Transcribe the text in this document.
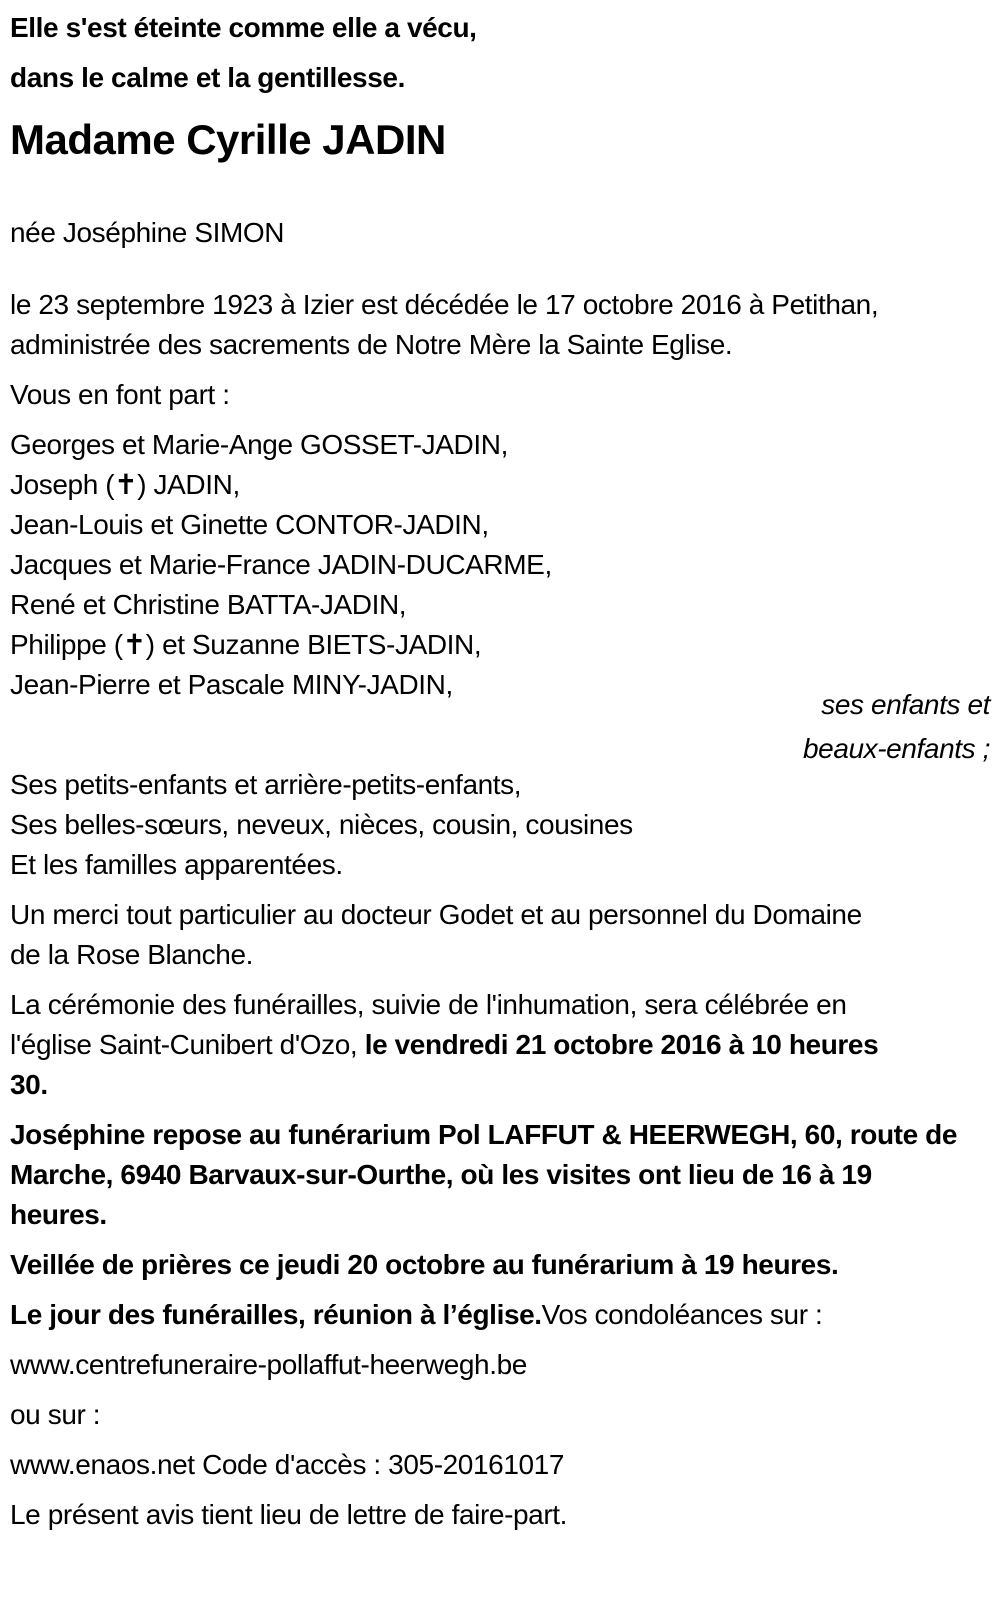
Elle s'est éteinte comme elle a vécu,

dans le calme et la gentillesse.

Madame Cyrille JADIN

née Joséphine SIMON

le 23 septembre 1923 à Izier est décédée le 17 octobre 2016 à Petithan,
administrée des sacrements de Notre Mère la Sainte Eglise.

Vous en font part :

Georges et Marie-Ange GOSSET-JADIN,
Joseph (✝) JADIN,
Jean-Louis et Ginette CONTOR-JADIN,
Jacques et Marie-France JADIN-DUCARME,
René et Christine BATTA-JADIN,
Philippe (✝) et Suzanne BIETS-JADIN,
Jean-Pierre et Pascale MINY-JADIN,

ses enfants et
beaux-enfants ;

Ses petits-enfants et arrière-petits-enfants,
Ses belles-sœurs, neveux, nièces, cousin, cousines
Et les familles apparentées.

Un merci tout particulier au docteur Godet et au personnel du Domaine
de la Rose Blanche.

La cérémonie des funérailles, suivie de l'inhumation, sera célébrée en
l'église Saint-Cunibert d'Ozo, le vendredi 21 octobre 2016 à 10 heures
30.

Joséphine repose au funérarium Pol LAFFUT & HEERWEGH, 60, route de
Marche, 6940 Barvaux-sur-Ourthe, où les visites ont lieu de 16 à 19
heures.

Veillée de prières ce jeudi 20 octobre au funérarium à 19 heures.

Le jour des funérailles, réunion à l’église.Vos condoléances sur :

www.centrefuneraire-pollaffut-heerwegh.be

ou sur :

www.enaos.net Code d'accès : 305-20161017

Le présent avis tient lieu de lettre de faire-part.
